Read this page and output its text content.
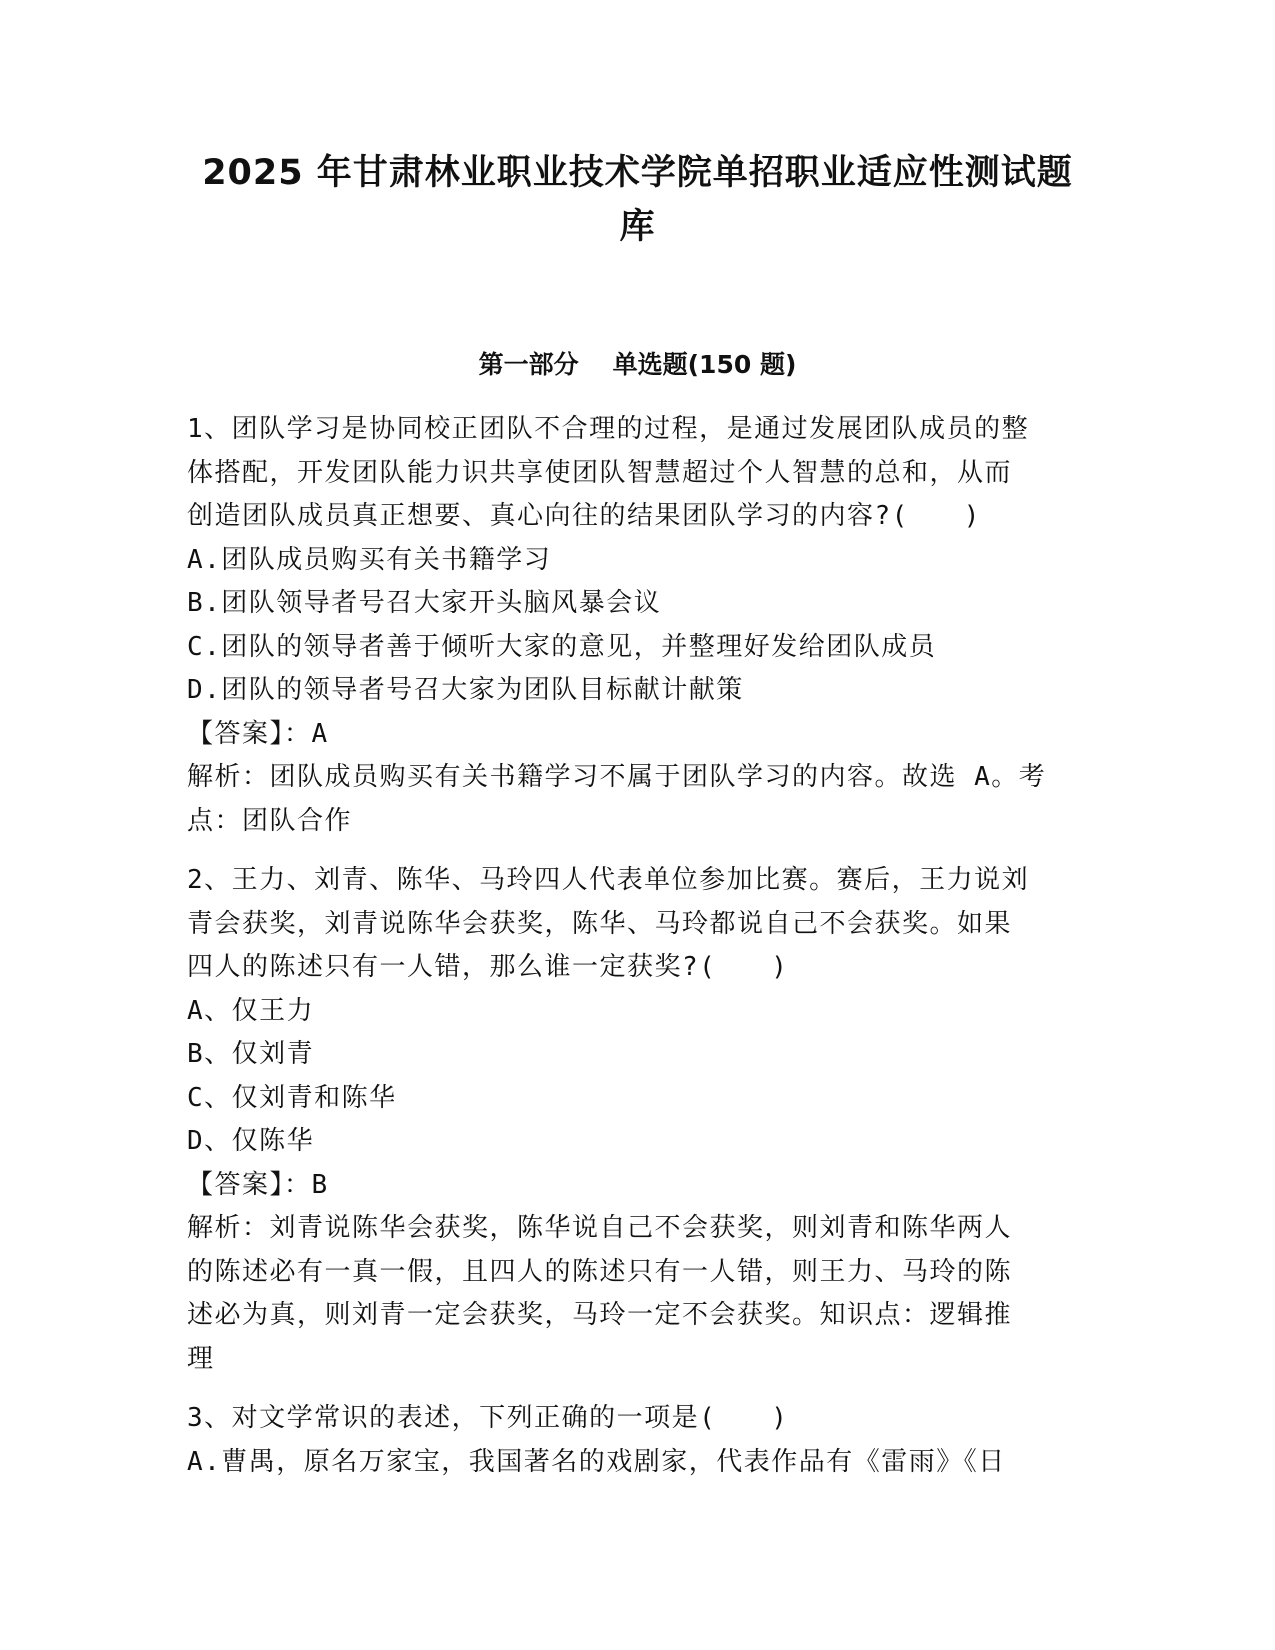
2025 年甘肃林业职业技术学院单招职业适应性测试题
库
第一部分 单选题(150 题)

1、团队学习是协同校正团队不合理的过程，是通过发展团队成员的整

体搭配，开发团队能力识共享使团队智慧超过个人智慧的总和，从而

创造团队成员真正想要、真心向往的结果团队学习的内容?(　　)

A.团队成员购买有关书籍学习

B.团队领导者号召大家开头脑风暴会议

C.团队的领导者善于倾听大家的意见，并整理好发给团队成员

D.团队的领导者号召大家为团队目标献计献策

【答案】：A

解析：团队成员购买有关书籍学习不属于团队学习的内容。故选 A。考

点：团队合作

2、王力、刘青、陈华、马玲四人代表单位参加比赛。赛后，王力说刘

青会获奖，刘青说陈华会获奖，陈华、马玲都说自己不会获奖。如果

四人的陈述只有一人错，那么谁一定获奖?(　　)

A、仅王力

B、仅刘青

C、仅刘青和陈华

D、仅陈华

【答案】：B

解析：刘青说陈华会获奖，陈华说自己不会获奖，则刘青和陈华两人

的陈述必有一真一假，且四人的陈述只有一人错，则王力、马玲的陈

述必为真，则刘青一定会获奖，马玲一定不会获奖。知识点：逻辑推

理

3、对文学常识的表述，下列正确的一项是(　　)

A.曹禺，原名万家宝，我国著名的戏剧家，代表作品有《雷雨》《日
